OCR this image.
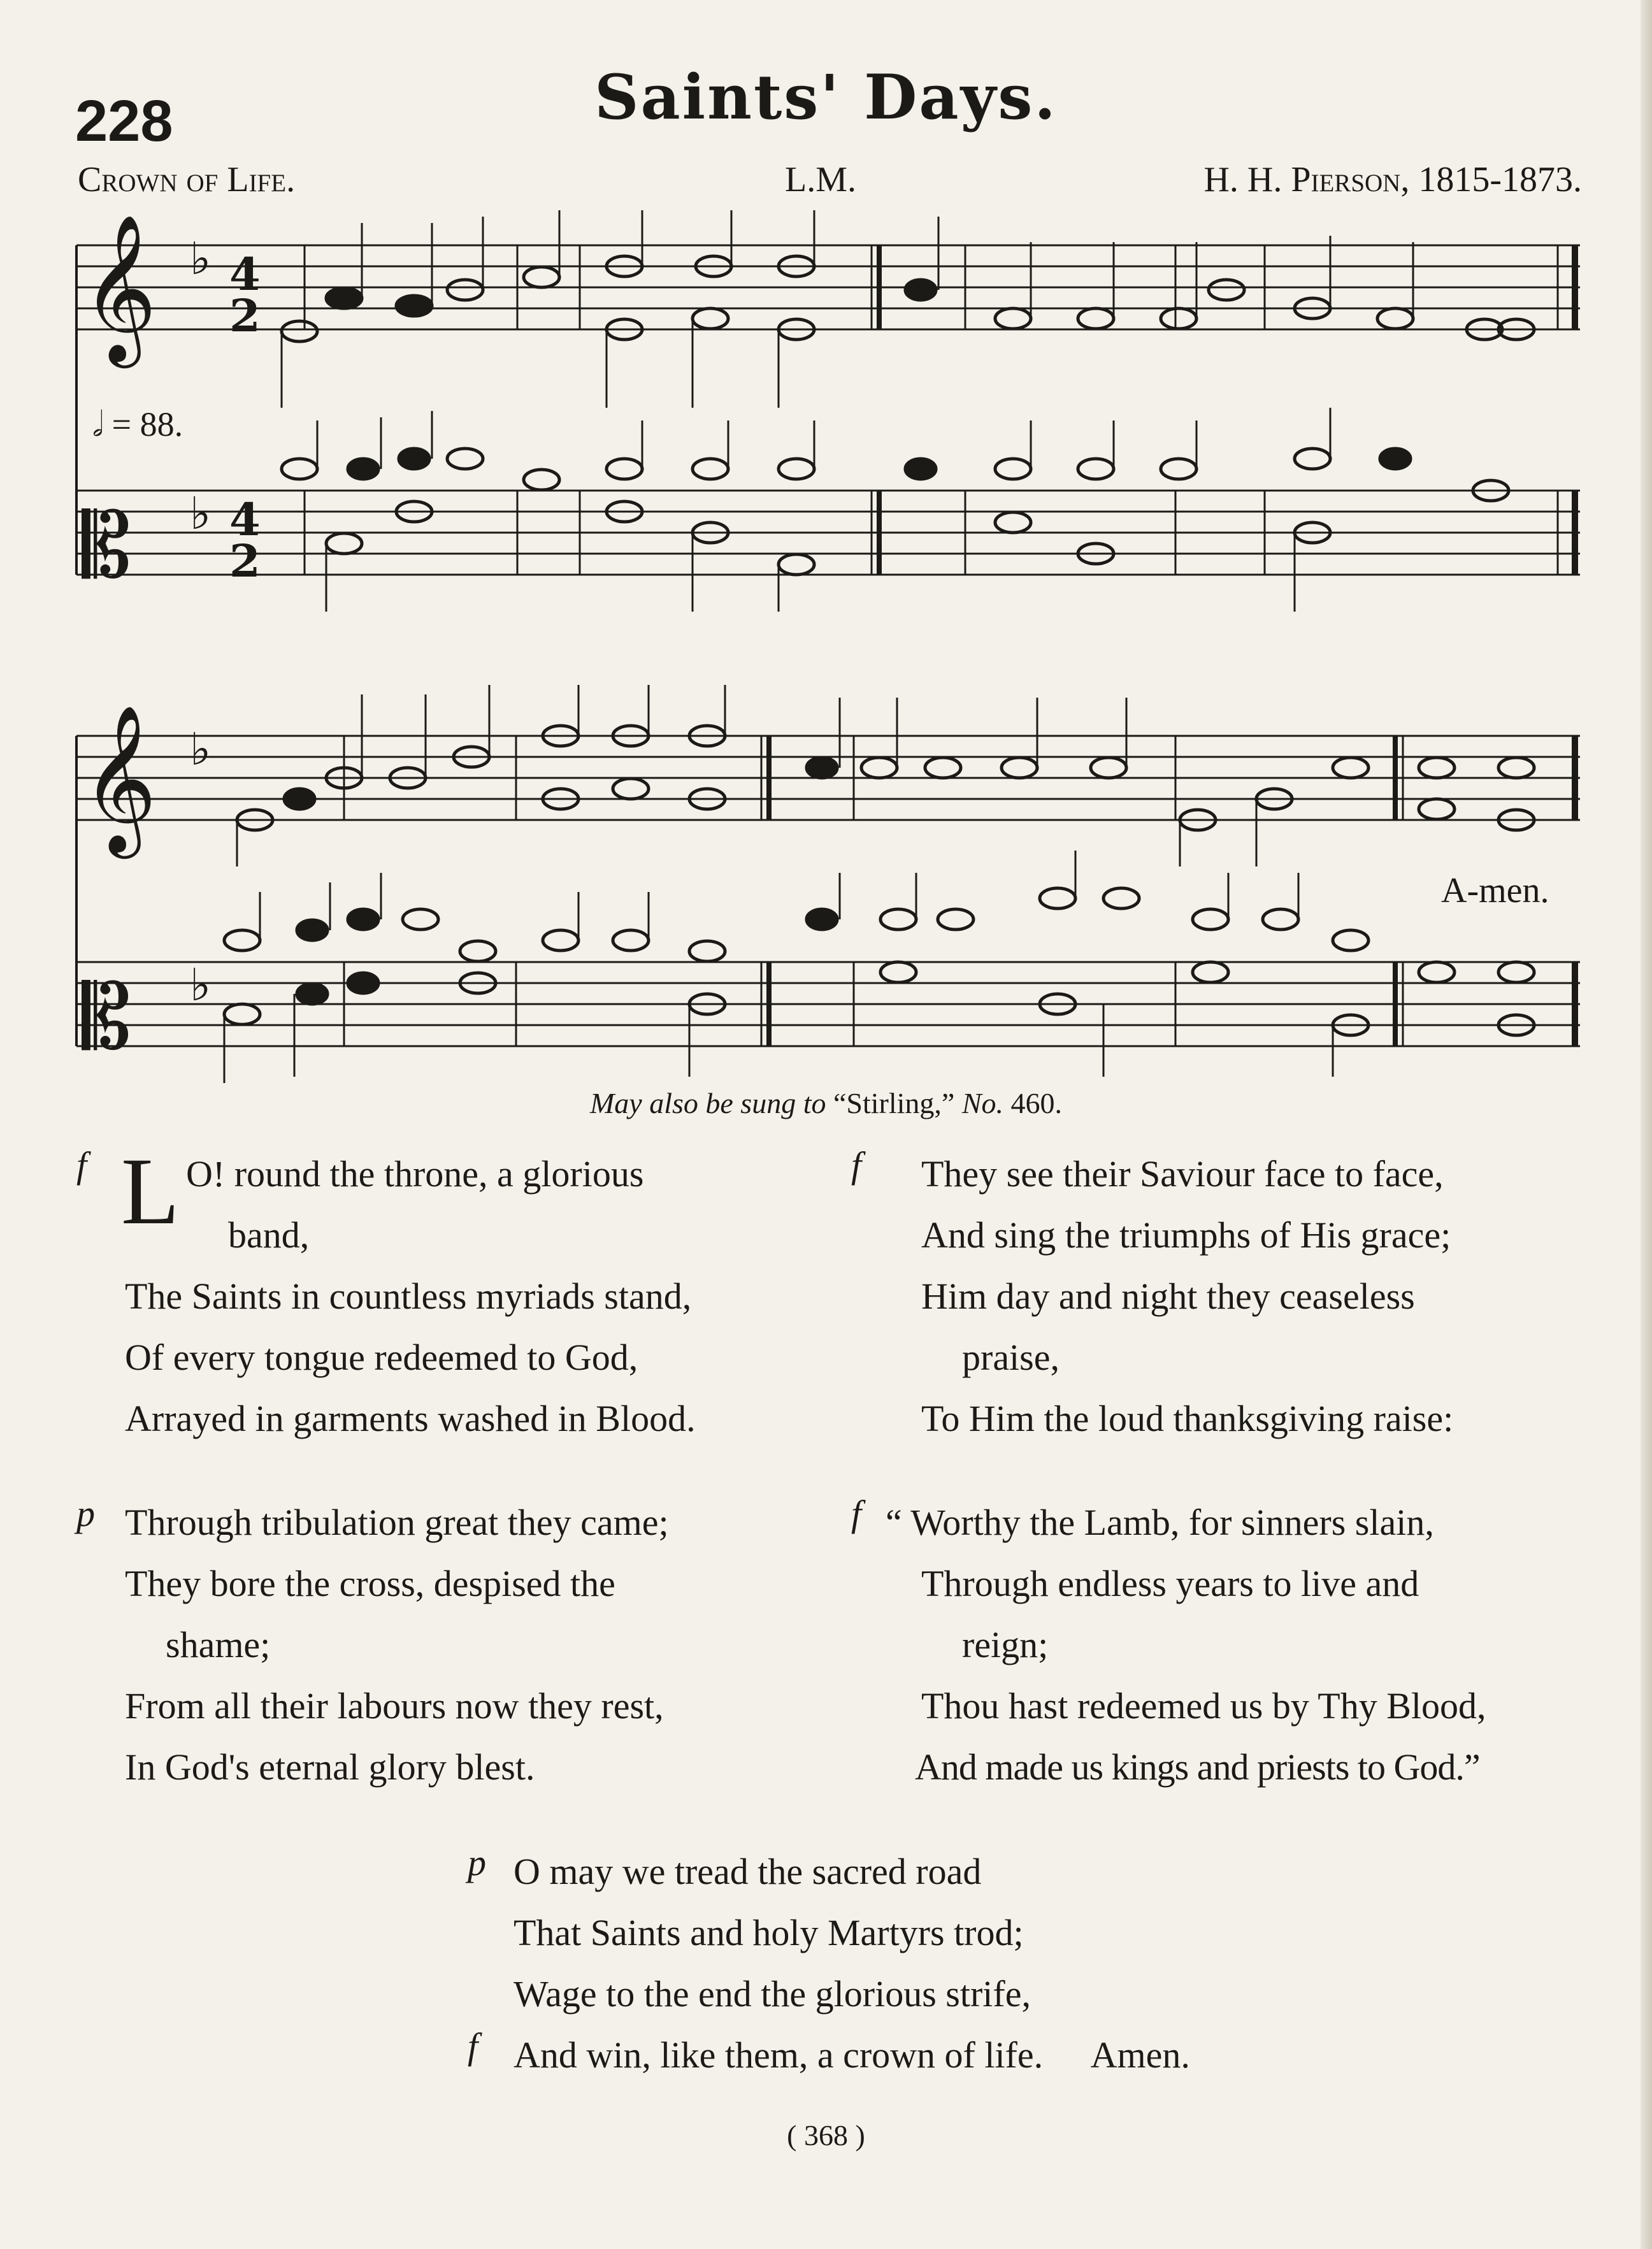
228	Saints' Days.
Crown of Life.	L.M.	H. H. Pierson, 1815-1873.
𝄞 ♭ 4
2
𝄡 ♭ 4
2
𝄞 ♭
𝄡 ♭
𝅗𝅥 = 88.
A-men.
May also be sung to “Stirling,” No. 460.
f L O! round the throne, a glorious
band,
The Saints in countless myriads stand,
Of every tongue redeemed to God,
Arrayed in garments washed in Blood.
f They see their Saviour face to face,
And sing the triumphs of His grace;
Him day and night they ceaseless
praise,
To Him the loud thanksgiving raise:
p Through tribulation great they came;
They bore the cross, despised the
shame;
From all their labours now they rest,
In God's eternal glory blest.
f “ Worthy the Lamb, for sinners slain,
Through endless years to live and
reign;
Thou hast redeemed us by Thy Blood,
And made us kings and priests to God.”
p
f
O may we tread the sacred road
That Saints and holy Martyrs trod;
Wage to the end the glorious strife,
And win, like them, a crown of life. Amen.
( 368 )
